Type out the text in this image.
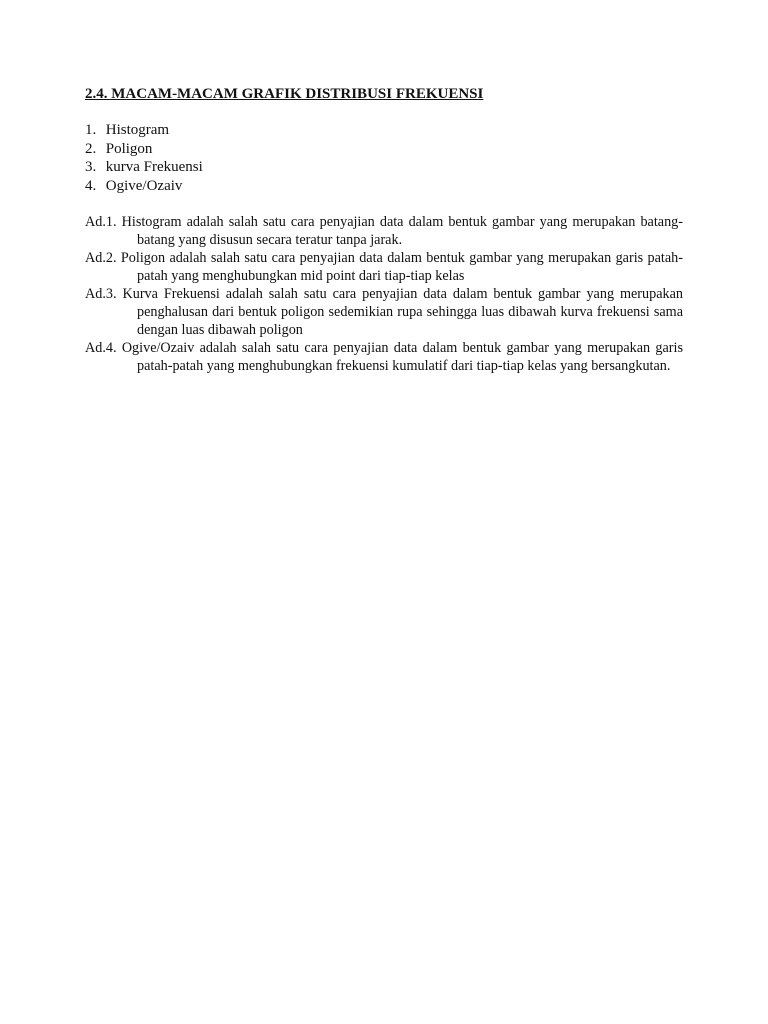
2.4. MACAM-MACAM GRAFIK DISTRIBUSI FREKUENSI
1. Histogram
2. Poligon
3. kurva Frekuensi
4. Ogive/Ozaiv

Ad.1. Histogram adalah salah satu cara penyajian data dalam bentuk gambar yang merupakan batang-batang yang disusun secara teratur tanpa jarak.

Ad.2. Poligon adalah salah satu cara penyajian data dalam bentuk gambar yang merupakan garis patah-patah yang menghubungkan mid point dari tiap-tiap kelas

Ad.3. Kurva Frekuensi adalah salah satu cara penyajian data dalam bentuk gambar yang merupakan penghalusan dari bentuk poligon sedemikian rupa sehingga luas dibawah kurva frekuensi sama dengan luas dibawah poligon

Ad.4. Ogive/Ozaiv adalah salah satu cara penyajian data dalam bentuk gambar yang merupakan garis patah-patah yang menghubungkan frekuensi kumulatif dari tiap-tiap kelas yang bersangkutan.
